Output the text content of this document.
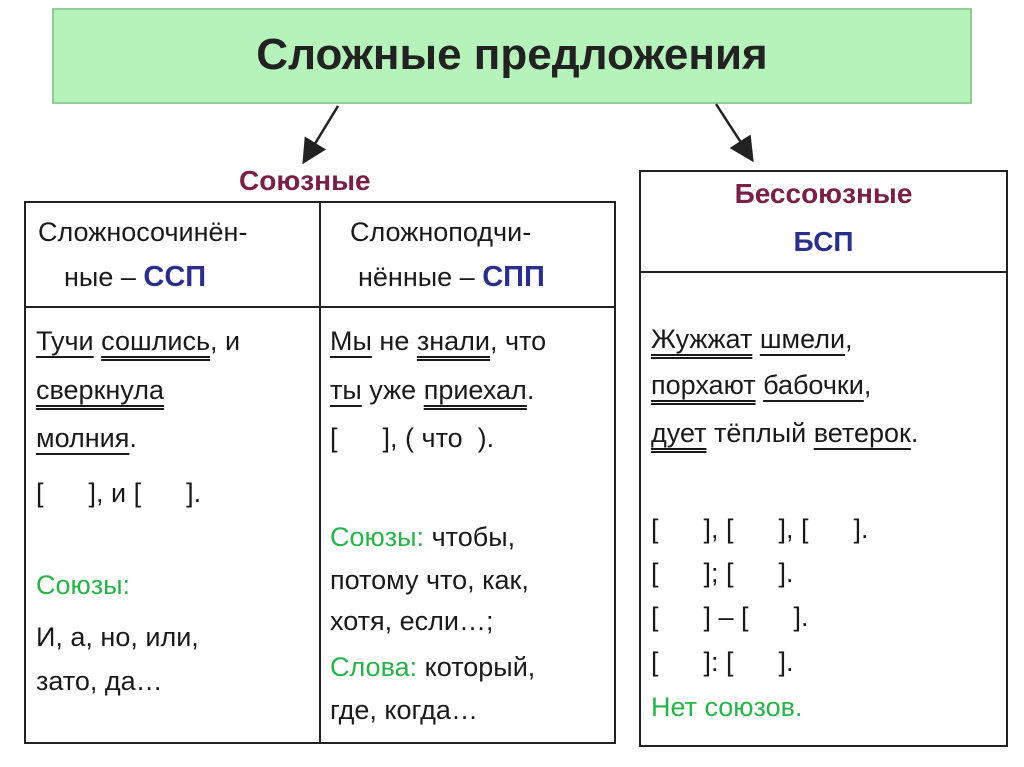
Сложные предложения
Союзные
Сложносочинён-
ные – ССП
Тучи сошлись, и
сверкнула
молния.
[      ], и [      ].
Союзы:
И, а, но, или,
зато, да…
Сложноподчи-
нённые – СПП
Мы не знали, что
ты уже приехал.
[      ], ( что  ).
Союзы: чтобы,
потому что, как,
хотя, если…;
Слова: который,
где, когда…
Бессоюзные
БСП
Жужжат шмели,
порхают бабочки,
дует тёплый ветерок.
[      ], [      ], [      ].
[      ]; [      ].
[      ] – [      ].
[      ]: [      ].
Нет союзов.
